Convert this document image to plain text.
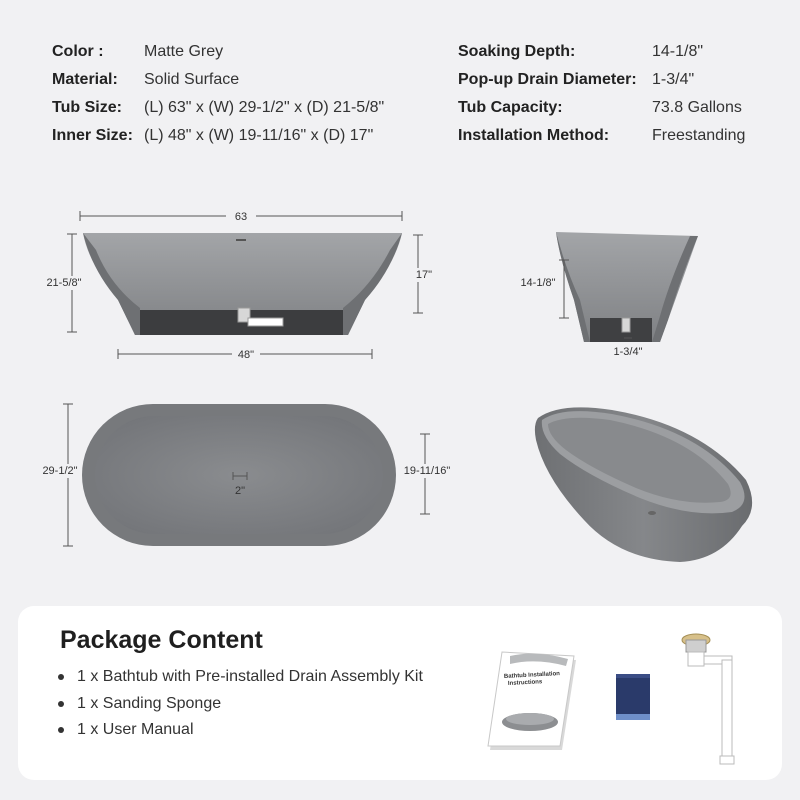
Color :	Matte Grey
Material:	Solid Surface
Tub Size:	(L) 63" x (W) 29-1/2" x (D) 21-5/8"
Inner Size: (L) 48" x (W) 19-11/16" x (D) 17"
Soaking Depth:	14-1/8"
Pop-up Drain Diameter: 1-3/4"
Tub Capacity:	73.8 Gallons
Installation Method:	Freestanding
63
21-5/8"
17"
48"
14-1/8"
1-3/4"
29-1/2"	19-11/16"
2"
Package Content
1 x Bathtub with Pre-installed Drain Assembly Kit
1 x Sanding Sponge
1 x User Manual
Bathtub Installation
Instructions
